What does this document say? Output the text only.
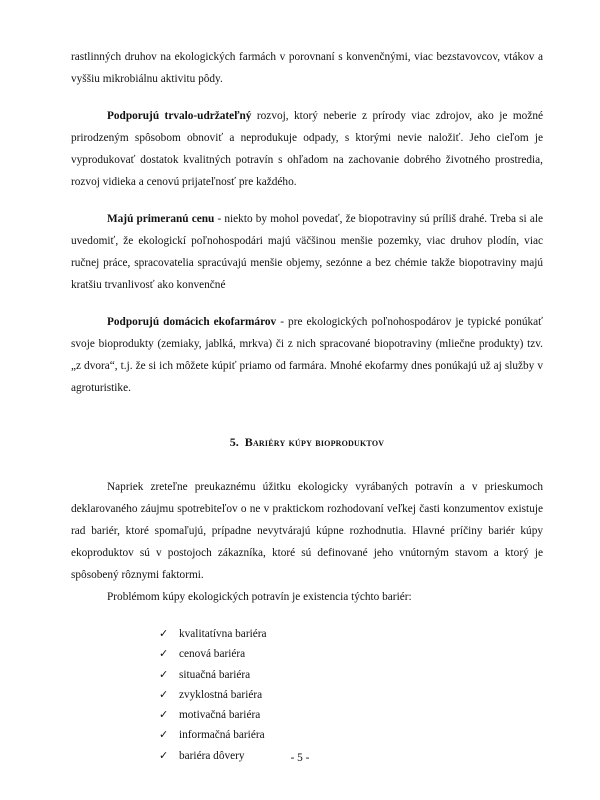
rastlinných druhov na ekologických farmách v porovnaní s konvenčnými, viac bezstavovcov, vtákov a vyššiu mikrobiálnu aktivitu pôdy.

Podporujú trvalo-udržateľný rozvoj, ktorý neberie z prírody viac zdrojov, ako je možné prirodzeným spôsobom obnoviť a neprodukuje odpady, s ktorými nevie naložiť. Jeho cieľom je vyprodukovať dostatok kvalitných potravín s ohľadom na zachovanie dobrého životného prostredia, rozvoj vidieka a cenovú prijateľnosť pre každého.

Majú primeranú cenu - niekto by mohol povedať, že biopotraviny sú príliš drahé. Treba si ale uvedomiť, že ekologickí poľnohospodári majú väčšinou menšie pozemky, viac druhov plodín, viac ručnej práce, spracovatelia spracúvajú menšie objemy, sezónne a bez chémie takže biopotraviny majú kratšiu trvanlivosť ako konvenčné

Podporujú domácich ekofarmárov - pre ekologických poľnohospodárov je typické ponúkať svoje bioprodukty (zemiaky, jablká, mrkva) či z nich spracované biopotraviny (mliečne produkty) tzv. „z dvora“, t.j. že si ich môžete kúpiť priamo od farmára. Mnohé ekofarmy dnes ponúkajú už aj služby v agroturistike.

5. Bariéry kúpy bioproduktov

Napriek zreteľne preukaznému úžitku ekologicky vyrábaných potravín a v prieskumoch deklarovaného záujmu spotrebiteľov o ne v praktickom rozhodovaní veľkej časti konzumentov existuje rad bariér, ktoré spomaľujú, prípadne nevytvárajú kúpne rozhodnutia. Hlavné príčiny bariér kúpy ekoproduktov sú v postojoch zákazníka, ktoré sú definované jeho vnútorným stavom a ktorý je spôsobený rôznymi faktormi.

Problémom kúpy ekologických potravín je existencia týchto bariér:

✓ kvalitatívna bariéra
✓ cenová bariéra
✓ situačná bariéra
✓ zvyklostná bariéra
✓ motivačná bariéra
✓ informačná bariéra
✓ bariéra dôvery	- 5 -
